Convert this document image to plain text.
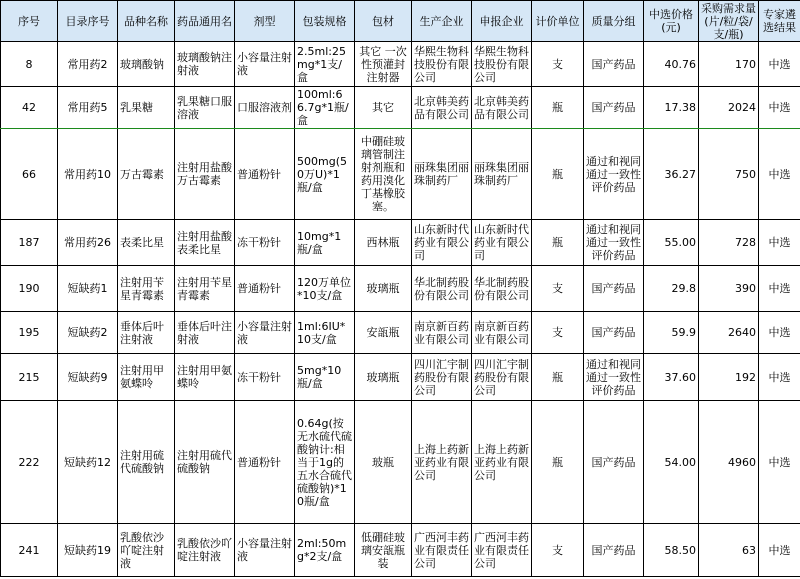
序号	目录序号	品种名称	药品通用名	剂型	包装规格	包材	生产企业	申报企业	计价单位	质量分组	中选价格(元)	采购需求量(片/粒/袋/支/瓶)	专家遴选结果
8	常用药2	玻璃酸钠	玻璃酸钠注射液	小容量注射液	2.5ml:25mg*1支/盒	其它 一次性预灌封注射器	华熙生物科技股份有限公司	华熙生物科技股份有限公司	支	国产药品	40.76	170	中选
42	常用药5	乳果糖	乳果糖口服溶液	口服溶液剂	100ml:66.7g*1瓶/盒	其它	北京韩美药品有限公司	北京韩美药品有限公司	瓶	国产药品	17.38	2024	中选
66	常用药10	万古霉素	注射用盐酸万古霉素	普通粉针	500mg(50万U)*1瓶/盒	中硼硅玻璃管制注射剂瓶和药用溴化丁基橡胶塞。	丽珠集团丽珠制药厂	丽珠集团丽珠制药厂	瓶	通过和视同通过一致性评价药品	36.27	750	中选
187	常用药26	表柔比星	注射用盐酸表柔比星	冻干粉针	10mg*1瓶/盒	西林瓶	山东新时代药业有限公司	山东新时代药业有限公司	瓶	通过和视同通过一致性评价药品	55.00	728	中选
190	短缺药1	注射用苄星青霉素	注射用苄星青霉素	普通粉针	120万单位*10支/盒	玻璃瓶	华北制药股份有限公司	华北制药股份有限公司	支	国产药品	29.8	390	中选
195	短缺药2	垂体后叶注射液	垂体后叶注射液	小容量注射液	1ml:6IU*10支/盒	安瓿瓶	南京新百药业有限公司	南京新百药业有限公司	支	国产药品	59.9	2640	中选
215	短缺药9	注射用甲氨蝶呤	注射用甲氨蝶呤	冻干粉针	5mg*10瓶/盒	玻璃瓶	四川汇宇制药股份有限公司	四川汇宇制药股份有限公司	瓶	通过和视同通过一致性评价药品	37.60	192	中选
222	短缺药12	注射用硫代硫酸钠	注射用硫代硫酸钠	普通粉针	0.64g(按无水硫代硫酸钠计:相当于1g的五水合硫代硫酸钠)*10瓶/盒	玻瓶	上海上药新亚药业有限公司	上海上药新亚药业有限公司	瓶	国产药品	54.00	4960	中选
241	短缺药19	乳酸依沙吖啶注射液	乳酸依沙吖啶注射液	小容量注射液	2ml:50mg*2支/盒	低硼硅玻璃安瓿瓶装	广西河丰药业有限责任公司	广西河丰药业有限责任公司	支	国产药品	58.50	63	中选
